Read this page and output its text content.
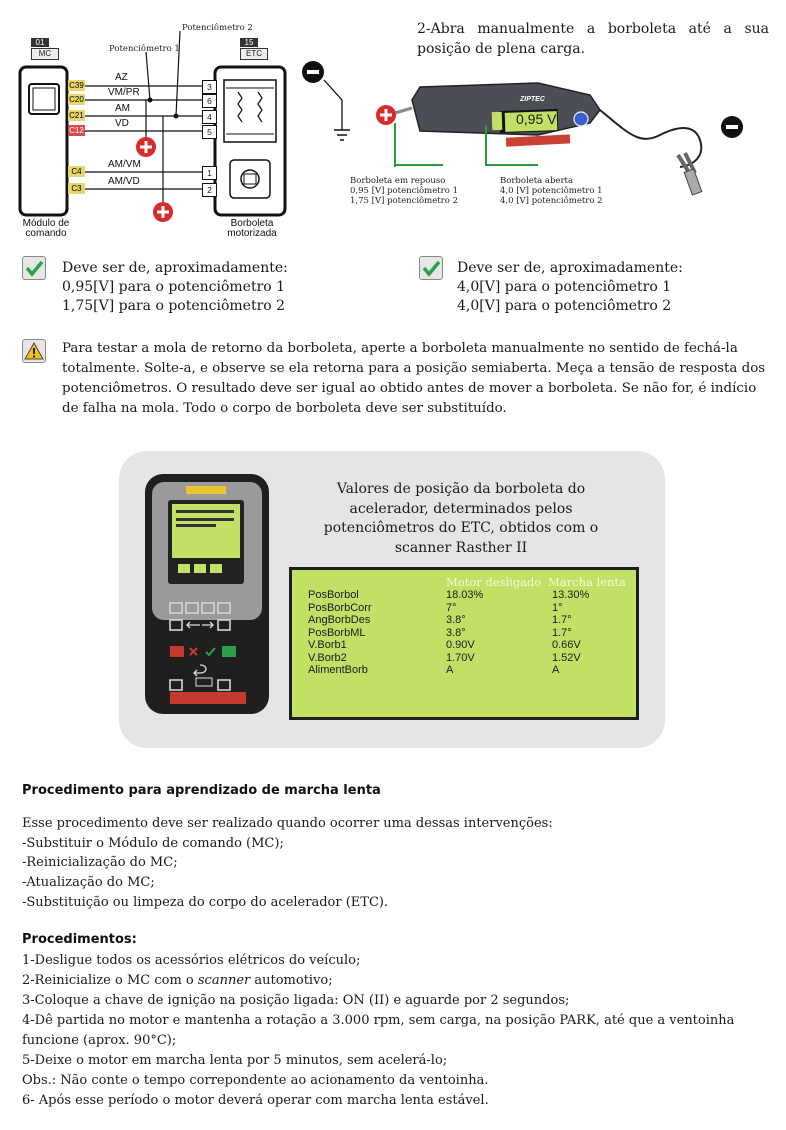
C39
C20
C21
C12
C4
C3
AZ
VM/PR
AM
VD
AM/VM
AM/VD
3
6
4
5
1
2
Potenciômetro 2
Potenciômetro 1
01
MC
15
ETC
Módulo de comando
Borboleta motorizada
ZIPTEC
0,95 V
Borboleta em repouso
0,95 [V] potenciômetro 1
1,75 [V] potenciômetro 2
Borboleta aberta
4,0 [V] potenciômetro 1
4,0 [V] potenciômetro 2
2-Abra manualmente a borboleta até a sua posição de plena carga.
Deve ser de, aproximadamente:
0,95[V] para o potenciômetro 1
1,75[V] para o potenciômetro 2
Deve ser de, aproximadamente:
4,0[V] para o potenciômetro 1
4,0[V] para o potenciômetro 2
Para testar a mola de retorno da borboleta, aperte a borboleta manualmente no sentido de fechá-la
totalmente. Solte-a, e observe se ela retorna para a posição semiaberta. Meça a tensão de resposta dos
potenciômetros. O resultado deve ser igual ao obtido antes de mover a borboleta. Se não for, é indício
de falha na mola. Todo o corpo de borboleta deve ser substituído.
Valores de posição da borboleta do
acelerador, determinados pelos
potenciômetros do ETC, obtidos com o
scanner Rasther II
Motor desligado Marcha lenta
PosBorbol	18.03%	13.30%
PosBorbCorr	7°	1°
AngBorbDes	3.8°	1.7°
PosBorbML	3.8°	1.7°
V.Borb1	0.90V	0.66V
V.Borb2	1.70V	1.52V
AlimentBorb	A	A
Procedimento para aprendizado de marcha lenta
Esse procedimento deve ser realizado quando ocorrer uma dessas intervenções:
-Substituir o Módulo de comando (MC);
-Reinicialização do MC;
-Atualização do MC;
-Substituição ou limpeza do corpo do acelerador (ETC).
Procedimentos:
1-Desligue todos os acessórios elétricos do veículo;
2-Reinicialize o MC com o scanner automotivo;
3-Coloque a chave de ignição na posição ligada: ON (II) e aguarde por 2 segundos;
4-Dê partida no motor e mantenha a rotação a 3.000 rpm, sem carga, na posição PARK, até que a ventoinha
funcione (aprox. 90°C);
5-Deixe o motor em marcha lenta por 5 minutos, sem acelerá-lo;
Obs.: Não conte o tempo correpondente ao acionamento da ventoinha.
6- Após esse período o motor deverá operar com marcha lenta estável.
